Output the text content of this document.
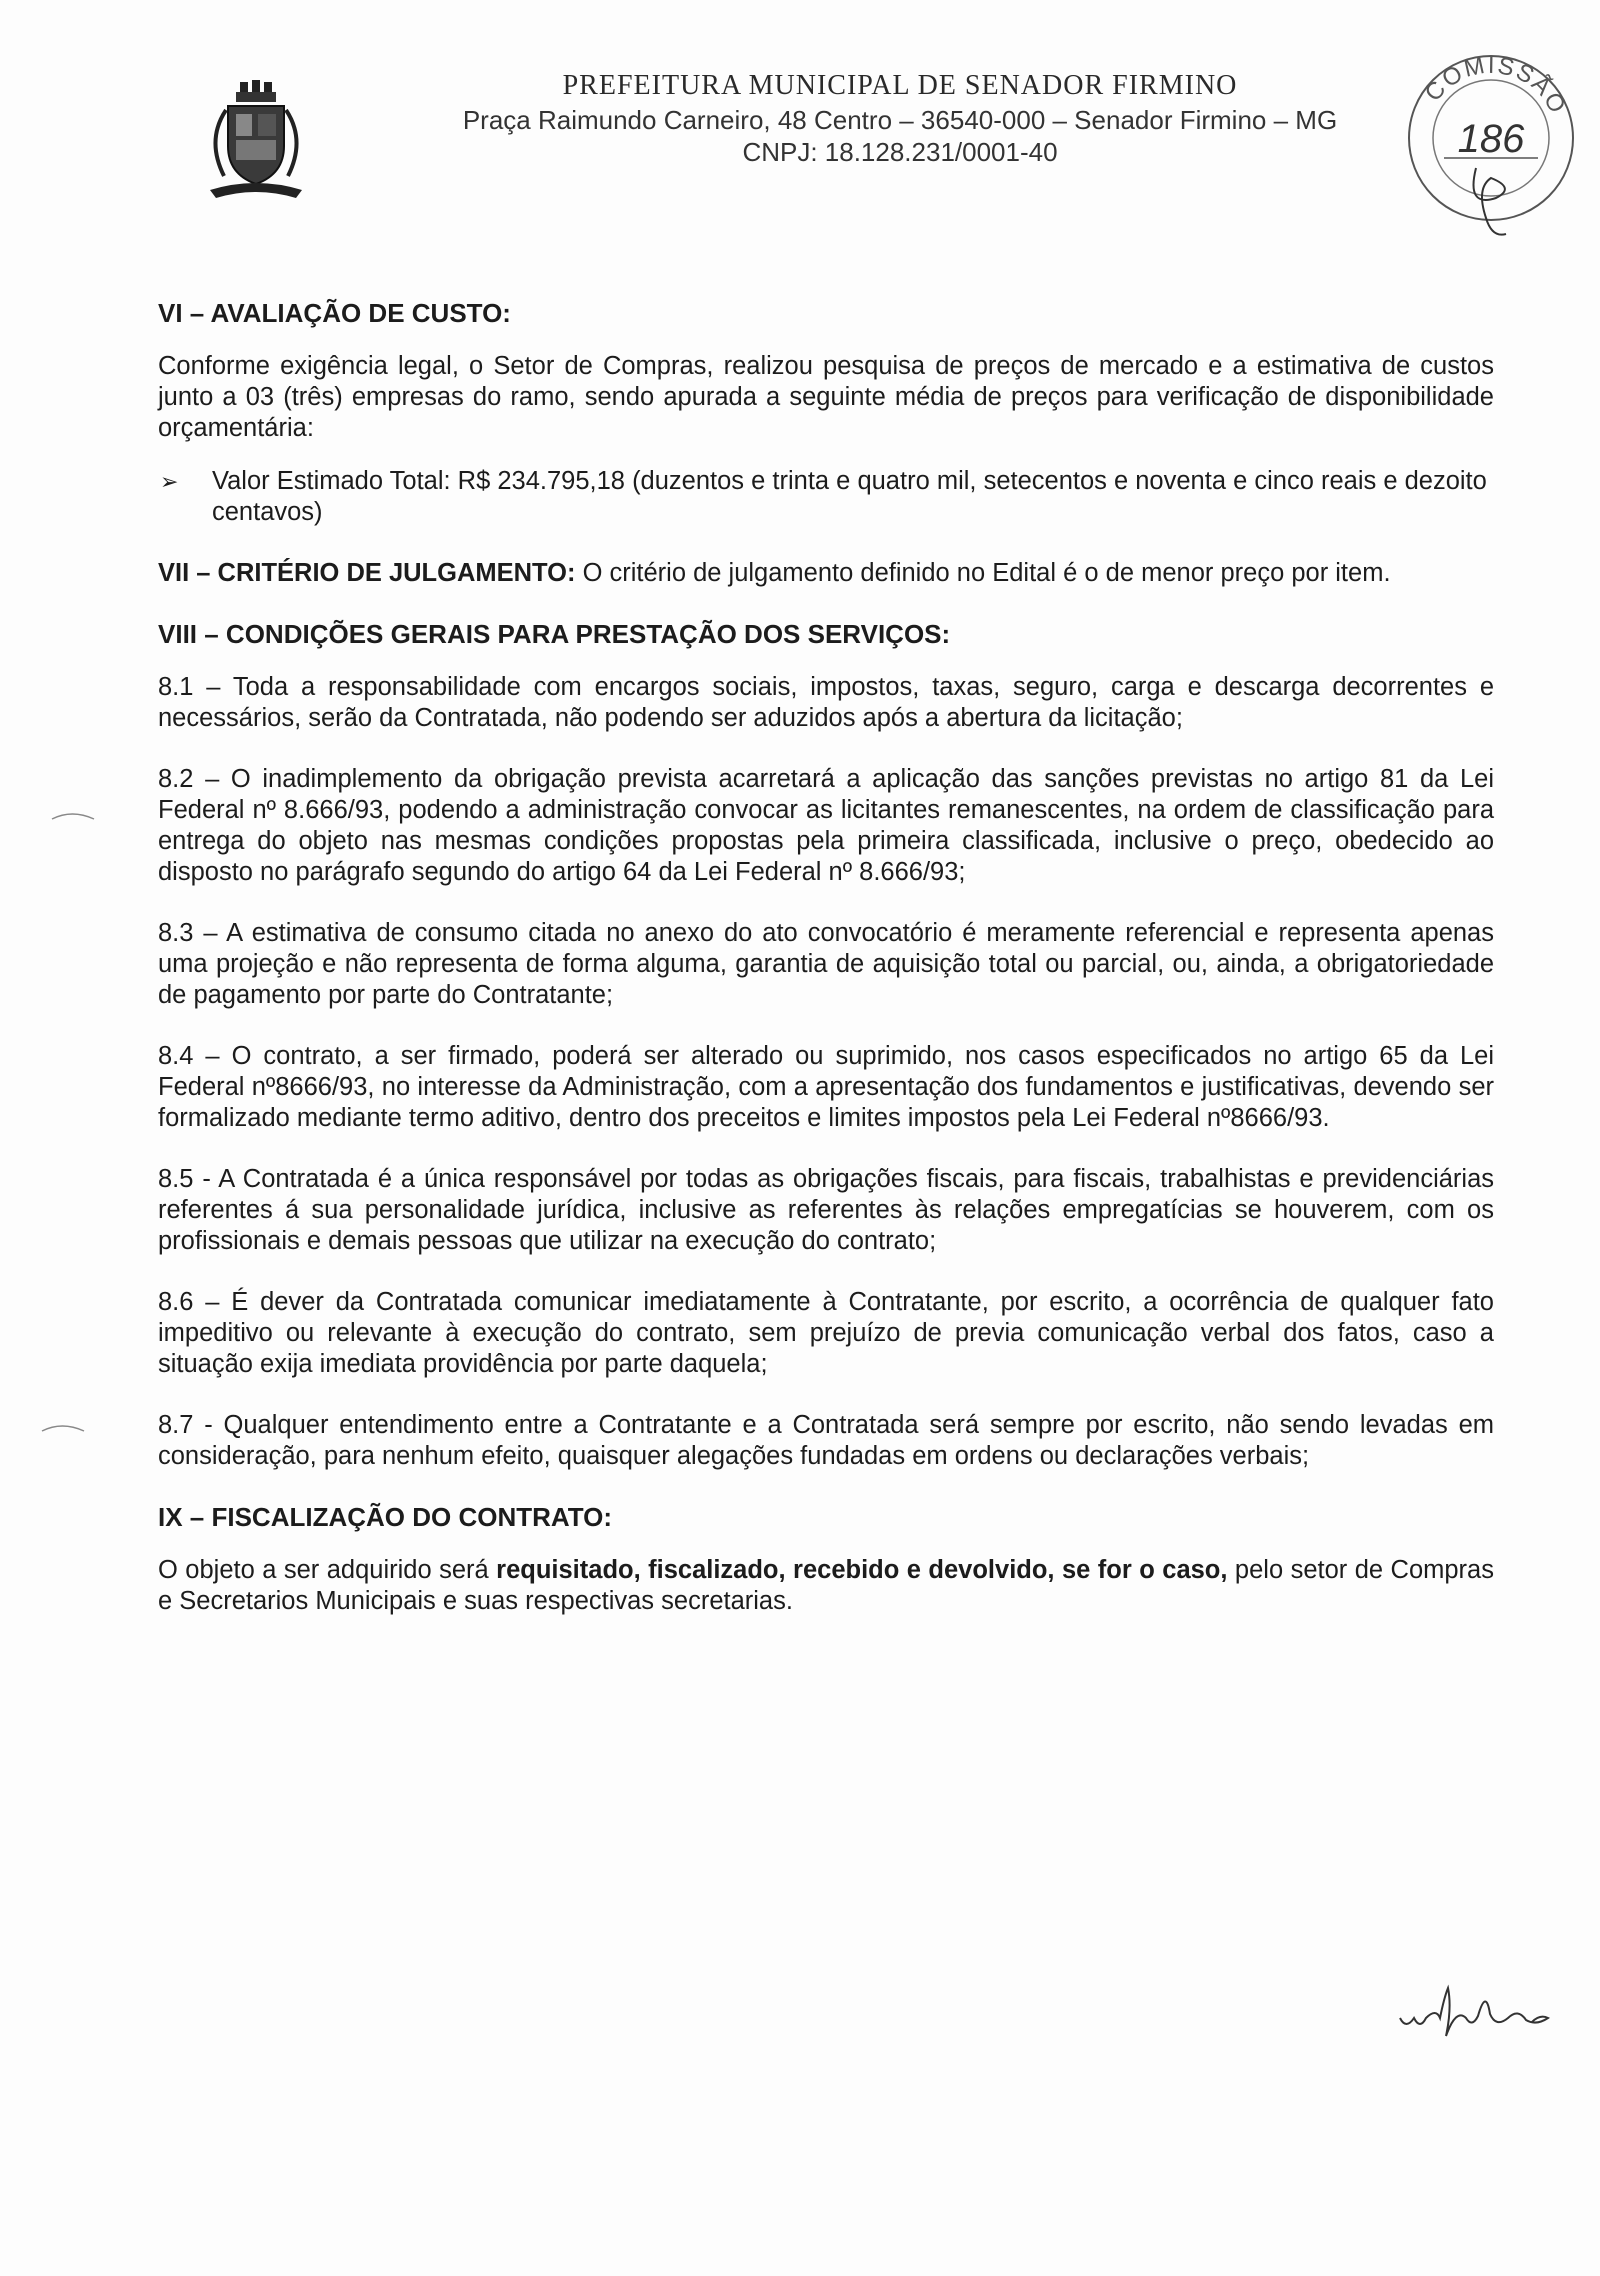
PREFEITURA MUNICIPAL DE SENADOR FIRMINO
Praça Raimundo Carneiro, 48 Centro – 36540-000 – Senador Firmino – MG
CNPJ: 18.128.231/0001-40
COMISSÃO
186
VI – AVALIAÇÃO DE CUSTO:

Conforme exigência legal, o Setor de Compras, realizou pesquisa de preços de mercado e a estimativa de custos junto a 03 (três) empresas do ramo, sendo apurada a seguinte média de preços para verificação de disponibilidade orçamentária:

➢	Valor Estimado Total: R$ 234.795,18 (duzentos e trinta e quatro mil, setecentos e noventa e cinco reais e dezoito centavos)

VII – CRITÉRIO DE JULGAMENTO: O critério de julgamento definido no Edital é o de menor preço por item.

VIII – CONDIÇÕES GERAIS PARA PRESTAÇÃO DOS SERVIÇOS:

8.1 – Toda a responsabilidade com encargos sociais, impostos, taxas, seguro, carga e descarga decorrentes e necessários, serão da Contratada, não podendo ser aduzidos após a abertura da licitação;

8.2 – O inadimplemento da obrigação prevista acarretará a aplicação das sanções previstas no artigo 81 da Lei Federal nº 8.666/93, podendo a administração convocar as licitantes remanescentes, na ordem de classificação para entrega do objeto nas mesmas condições propostas pela primeira classificada, inclusive o preço, obedecido ao disposto no parágrafo segundo do artigo 64 da Lei Federal nº 8.666/93;

8.3 – A estimativa de consumo citada no anexo do ato convocatório é meramente referencial e representa apenas uma projeção e não representa de forma alguma, garantia de aquisição total ou parcial, ou, ainda, a obrigatoriedade de pagamento por parte do Contratante;

8.4 – O contrato, a ser firmado, poderá ser alterado ou suprimido, nos casos especificados no artigo 65 da Lei Federal nº8666/93, no interesse da Administração, com a apresentação dos fundamentos e justificativas, devendo ser formalizado mediante termo aditivo, dentro dos preceitos e limites impostos pela Lei Federal nº8666/93.

8.5 - A Contratada é a única responsável por todas as obrigações fiscais, para fiscais, trabalhistas e previdenciárias referentes á sua personalidade jurídica, inclusive as referentes às relações empregatícias se houverem, com os profissionais e demais pessoas que utilizar na execução do contrato;

8.6 – É dever da Contratada comunicar imediatamente à Contratante, por escrito, a ocorrência de qualquer fato impeditivo ou relevante à execução do contrato, sem prejuízo de previa comunicação verbal dos fatos, caso a situação exija imediata providência por parte daquela;

8.7 - Qualquer entendimento entre a Contratante e a Contratada será sempre por escrito, não sendo levadas em consideração, para nenhum efeito, quaisquer alegações fundadas em ordens ou declarações verbais;

IX – FISCALIZAÇÃO DO CONTRATO:

O objeto a ser adquirido será requisitado, fiscalizado, recebido e devolvido, se for o caso, pelo setor de Compras e Secretarios Municipais e suas respectivas secretarias.
